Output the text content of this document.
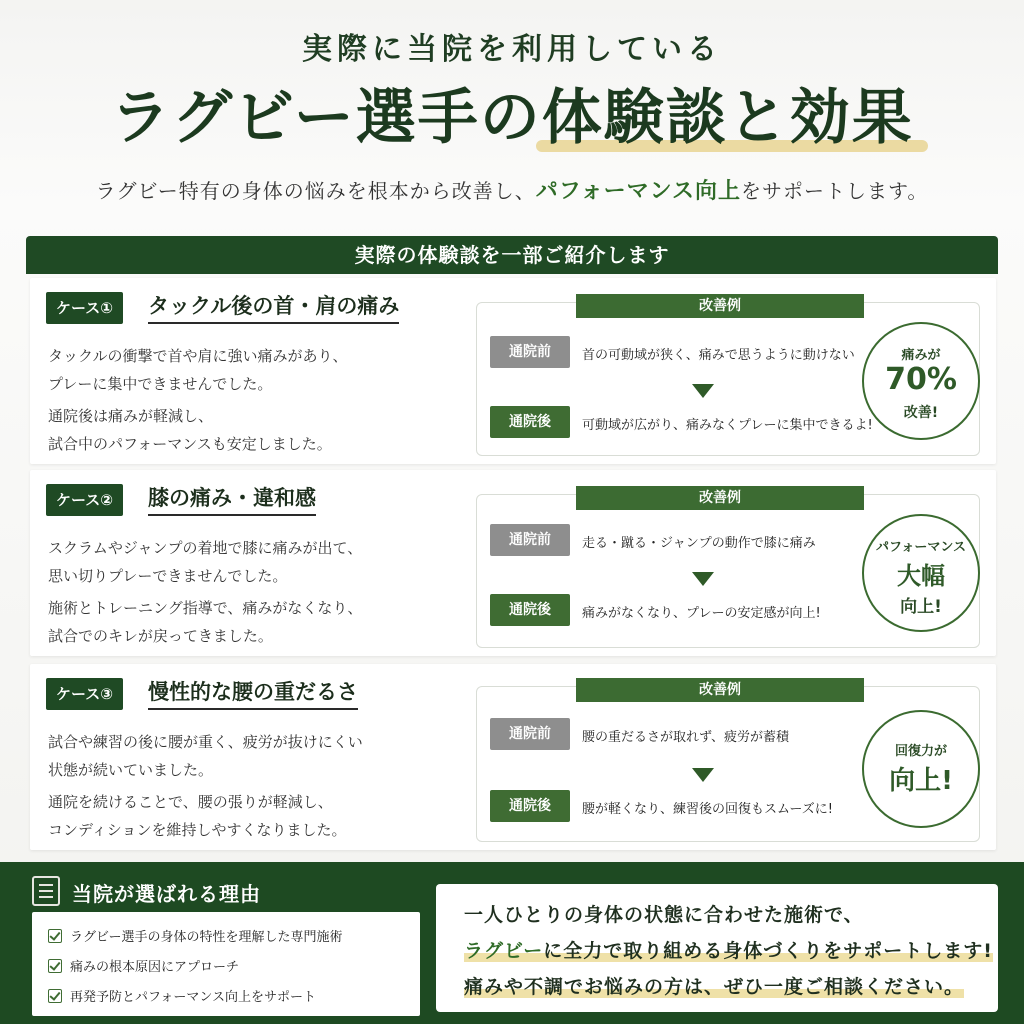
実際に当院を利用している
ラグビー選手の体験談と効果
ラグビー特有の身体の悩みを根本から改善し、パフォーマンス向上をサポートします。
実際の体験談を一部ご紹介します
ケース①	タックル後の首・肩の痛み
タックルの衝撃で首や肩に強い痛みがあり、
プレーに集中できませんでした。
通院後は痛みが軽減し、
試合中のパフォーマンスも安定しました。
改善例
通院前	首の可動域が狭く、痛みで思うように動けない
通院後	可動域が広がり、痛みなくプレーに集中できるよ!
痛みが
70%
改善!
ケース②	膝の痛み・違和感
スクラムやジャンプの着地で膝に痛みが出て、
思い切りプレーできませんでした。
施術とトレーニング指導で、痛みがなくなり、
試合でのキレが戻ってきました。
改善例
通院前	走る・蹴る・ジャンプの動作で膝に痛み
通院後	痛みがなくなり、プレーの安定感が向上!
パフォーマンス
大幅
向上!
ケース③	慢性的な腰の重だるさ
試合や練習の後に腰が重く、疲労が抜けにくい
状態が続いていました。
通院を続けることで、腰の張りが軽減し、
コンディションを維持しやすくなりました。
改善例
通院前	腰の重だるさが取れず、疲労が蓄積
通院後	腰が軽くなり、練習後の回復もスムーズに!
回復力が
向上!
当院が選ばれる理由
ラグビー選手の身体の特性を理解した専門施術
痛みの根本原因にアプローチ
再発予防とパフォーマンス向上をサポート
一人ひとりの身体の状態に合わせた施術で、
ラグビーに全力で取り組める身体づくりをサポートします!
痛みや不調でお悩みの方は、ぜひ一度ご相談ください。
